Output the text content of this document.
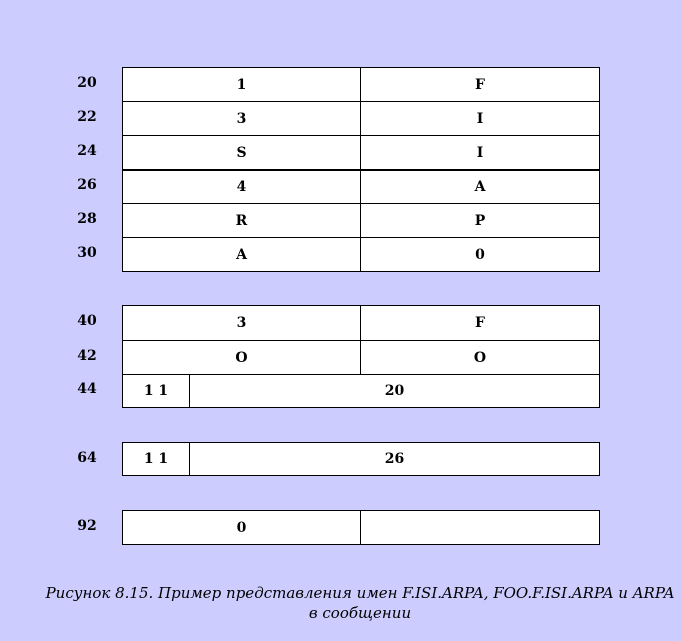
20	1	F
22	3	I
24	S	I
26	4	A
28	R	P
30	A	0
40	3	F
42	O	O
44	1 1	20
64	1 1	26
92	0
Рисунок 8.15. Пример представления имен F.ISI.ARPA, FOO.F.ISI.ARPA и ARPA в сообщении
